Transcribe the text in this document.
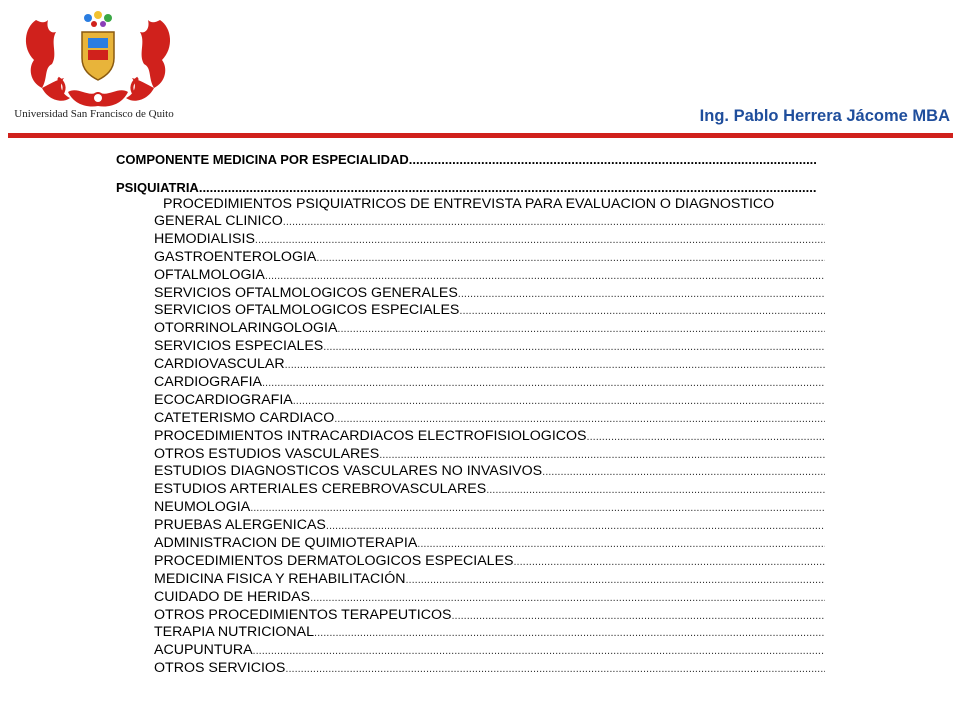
Universidad San Francisco de Quito	Ing. Pablo Herrera Jácome MBA
COMPONENTE MEDICINA POR ESPECIALIDAD
.....
PSIQUIATRIA
.....
PROCEDIMIENTOS PSIQUIATRICOS DE ENTREVISTA PARA EVALUACION O DIAGNOSTICO
GENERAL CLINICO
.....
HEMODIALISIS
.....
GASTROENTEROLOGIA
.....
OFTALMOLOGIA
.....
SERVICIOS OFTALMOLOGICOS GENERALES
.....
SERVICIOS OFTALMOLOGICOS ESPECIALES
.....
OTORRINOLARINGOLOGIA
.....
SERVICIOS ESPECIALES
.....
CARDIOVASCULAR
.....
CARDIOGRAFIA
.....
ECOCARDIOGRAFIA
.....
CATETERISMO CARDIACO
.....
PROCEDIMIENTOS INTRACARDIACOS ELECTROFISIOLOGICOS
.....
OTROS ESTUDIOS VASCULARES
.....
ESTUDIOS DIAGNOSTICOS VASCULARES NO INVASIVOS
.....
ESTUDIOS ARTERIALES CEREBROVASCULARES
.....
NEUMOLOGIA
.....
PRUEBAS ALERGENICAS
.....
ADMINISTRACION DE QUIMIOTERAPIA
.....
PROCEDIMIENTOS DERMATOLOGICOS ESPECIALES
.....
MEDICINA FISICA Y REHABILITACIÓN
.....
CUIDADO DE HERIDAS
.....
OTROS PROCEDIMIENTOS TERAPEUTICOS
.....
TERAPIA NUTRICIONAL
.....
ACUPUNTURA
.....
OTROS SERVICIOS
.....
